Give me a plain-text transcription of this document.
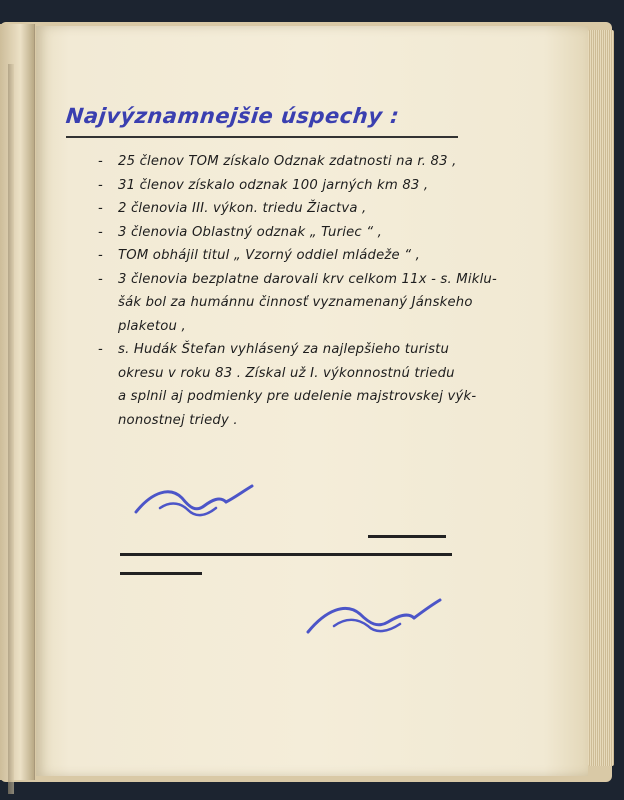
Najvýznamnejšie úspechy :
-	25 členov TOM získalo Odznak zdatnosti na r. 83 ,
-	31 členov získalo odznak 100 jarných km 83 ,
-	2 členovia III. výkon. triedu Žiactva ,
-	3 členovia Oblastný odznak „ Turiec “ ,
-	TOM obhájil titul „ Vzorný oddiel mládeže “ ,
-	3 členovia bezplatne darovali krv celkom 11x - s. Miklu-
šák bol za humánnu činnosť vyznamenaný Jánskeho
plaketou ,
-	s. Hudák Štefan vyhlásený za najlepšieho turistu
okresu v roku 83 . Získal už I. výkonnostnú triedu
a splnil aj podmienky pre udelenie majstrovskej výk-
nonostnej triedy .
